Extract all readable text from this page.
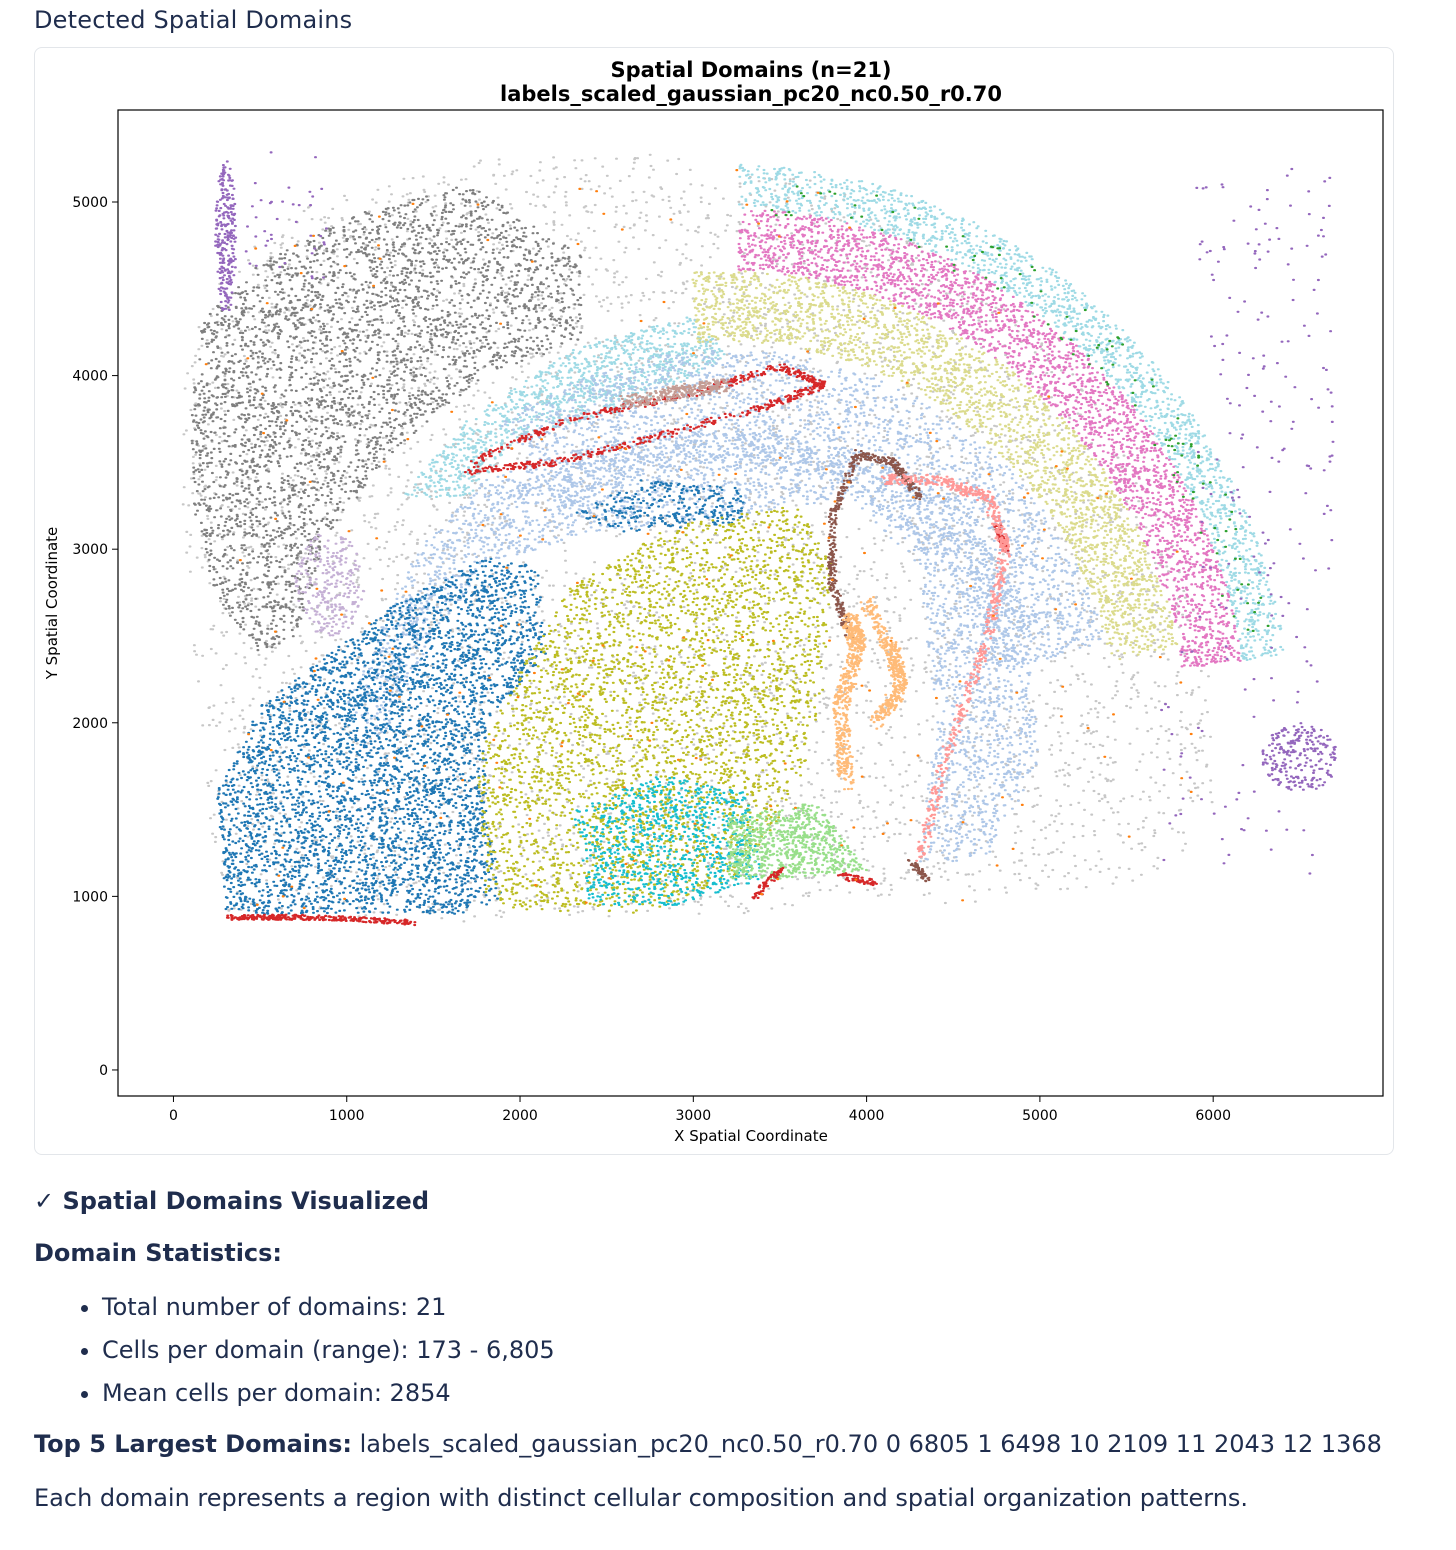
Detected Spatial Domains
Spatial Domains (n=21)
labels_scaled_gaussian_pc20_nc0.50_r0.70
0	1000	2000	3000	4000	5000	6000
0
1000
2000
3000
4000
5000
X Spatial Coordinate
Y Spatial Coordinate
✓ Spatial Domains Visualized
Domain Statistics:
• Total number of domains: 21
• Cells per domain (range): 173 - 6,805
• Mean cells per domain: 2854
Top 5 Largest Domains: labels_scaled_gaussian_pc20_nc0.50_r0.70 0 6805 1 6498 10 2109 11 2043 12 1368
Each domain represents a region with distinct cellular composition and spatial organization patterns.
